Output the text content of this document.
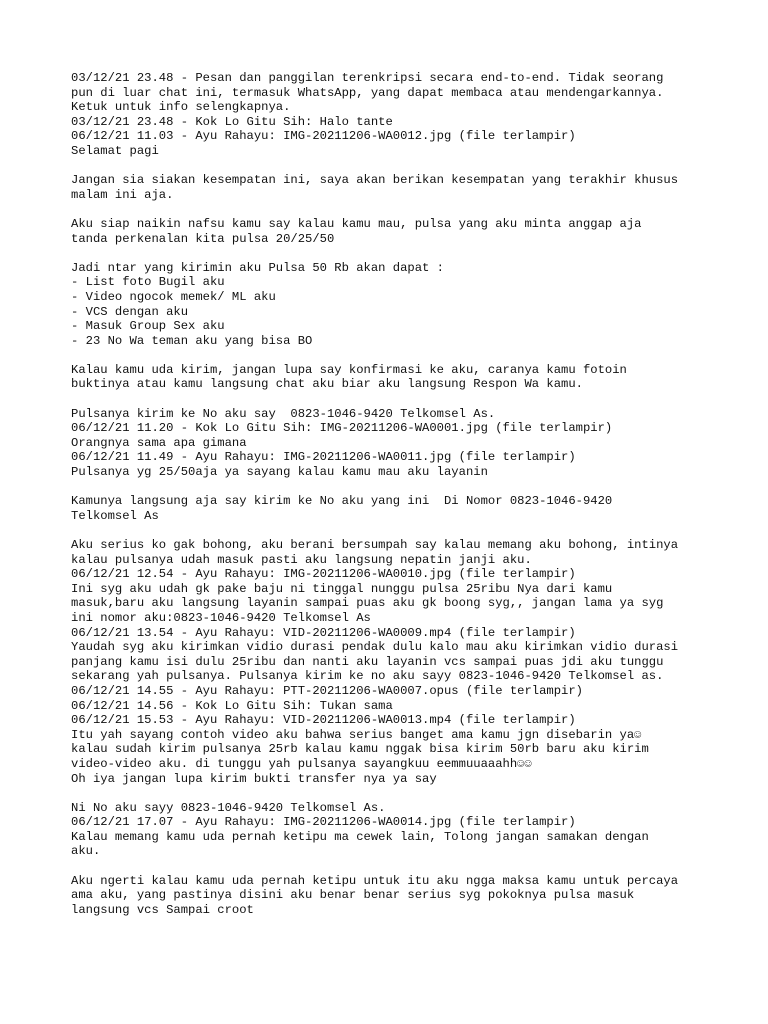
03/12/21 23.48 - Pesan dan panggilan terenkripsi secara end-to-end. Tidak seorang
pun di luar chat ini, termasuk WhatsApp, yang dapat membaca atau mendengarkannya.
Ketuk untuk info selengkapnya.
03/12/21 23.48 - Kok Lo Gitu Sih: Halo tante
06/12/21 11.03 - Ayu Rahayu: IMG-20211206-WA0012.jpg (file terlampir)
Selamat pagi
Jangan sia siakan kesempatan ini, saya akan berikan kesempatan yang terakhir khusus
malam ini aja.
Aku siap naikin nafsu kamu say kalau kamu mau, pulsa yang aku minta anggap aja
tanda perkenalan kita pulsa 20/25/50
Jadi ntar yang kirimin aku Pulsa 50 Rb akan dapat :
- List foto Bugil aku
- Video ngocok memek/ ML aku
- VCS dengan aku
- Masuk Group Sex aku
- 23 No Wa teman aku yang bisa BO
Kalau kamu uda kirim, jangan lupa say konfirmasi ke aku, caranya kamu fotoin
buktinya atau kamu langsung chat aku biar aku langsung Respon Wa kamu.
Pulsanya kirim ke No aku say  0823-1046-9420 Telkomsel As.
06/12/21 11.20 - Kok Lo Gitu Sih: IMG-20211206-WA0001.jpg (file terlampir)
Orangnya sama apa gimana
06/12/21 11.49 - Ayu Rahayu: IMG-20211206-WA0011.jpg (file terlampir)
Pulsanya yg 25/50aja ya sayang kalau kamu mau aku layanin
Kamunya langsung aja say kirim ke No aku yang ini  Di Nomor 0823-1046-9420
Telkomsel As
Aku serius ko gak bohong, aku berani bersumpah say kalau memang aku bohong, intinya
kalau pulsanya udah masuk pasti aku langsung nepatin janji aku.
06/12/21 12.54 - Ayu Rahayu: IMG-20211206-WA0010.jpg (file terlampir)
Ini syg aku udah gk pake baju ni tinggal nunggu pulsa 25ribu Nya dari kamu
masuk,baru aku langsung layanin sampai puas aku gk boong syg,, jangan lama ya syg
ini nomor aku:0823-1046-9420 Telkomsel As
06/12/21 13.54 - Ayu Rahayu: VID-20211206-WA0009.mp4 (file terlampir)
Yaudah syg aku kirimkan vidio durasi pendak dulu kalo mau aku kirimkan vidio durasi
panjang kamu isi dulu 25ribu dan nanti aku layanin vcs sampai puas jdi aku tunggu
sekarang yah pulsanya. Pulsanya kirim ke no aku sayy 0823-1046-9420 Telkomsel as.
06/12/21 14.55 - Ayu Rahayu: PTT-20211206-WA0007.opus (file terlampir)
06/12/21 14.56 - Kok Lo Gitu Sih: Tukan sama
06/12/21 15.53 - Ayu Rahayu: VID-20211206-WA0013.mp4 (file terlampir)
Itu yah sayang contoh video aku bahwa serius banget ama kamu jgn disebarin ya☺
kalau sudah kirim pulsanya 25rb kalau kamu nggak bisa kirim 50rb baru aku kirim
video-video aku. di tunggu yah pulsanya sayangkuu eemmuuaaahh☺☺
Oh iya jangan lupa kirim bukti transfer nya ya say
Ni No aku sayy 0823-1046-9420 Telkomsel As.
06/12/21 17.07 - Ayu Rahayu: IMG-20211206-WA0014.jpg (file terlampir)
Kalau memang kamu uda pernah ketipu ma cewek lain, Tolong jangan samakan dengan
aku.
Aku ngerti kalau kamu uda pernah ketipu untuk itu aku ngga maksa kamu untuk percaya
ama aku, yang pastinya disini aku benar benar serius syg pokoknya pulsa masuk
langsung vcs Sampai croot
